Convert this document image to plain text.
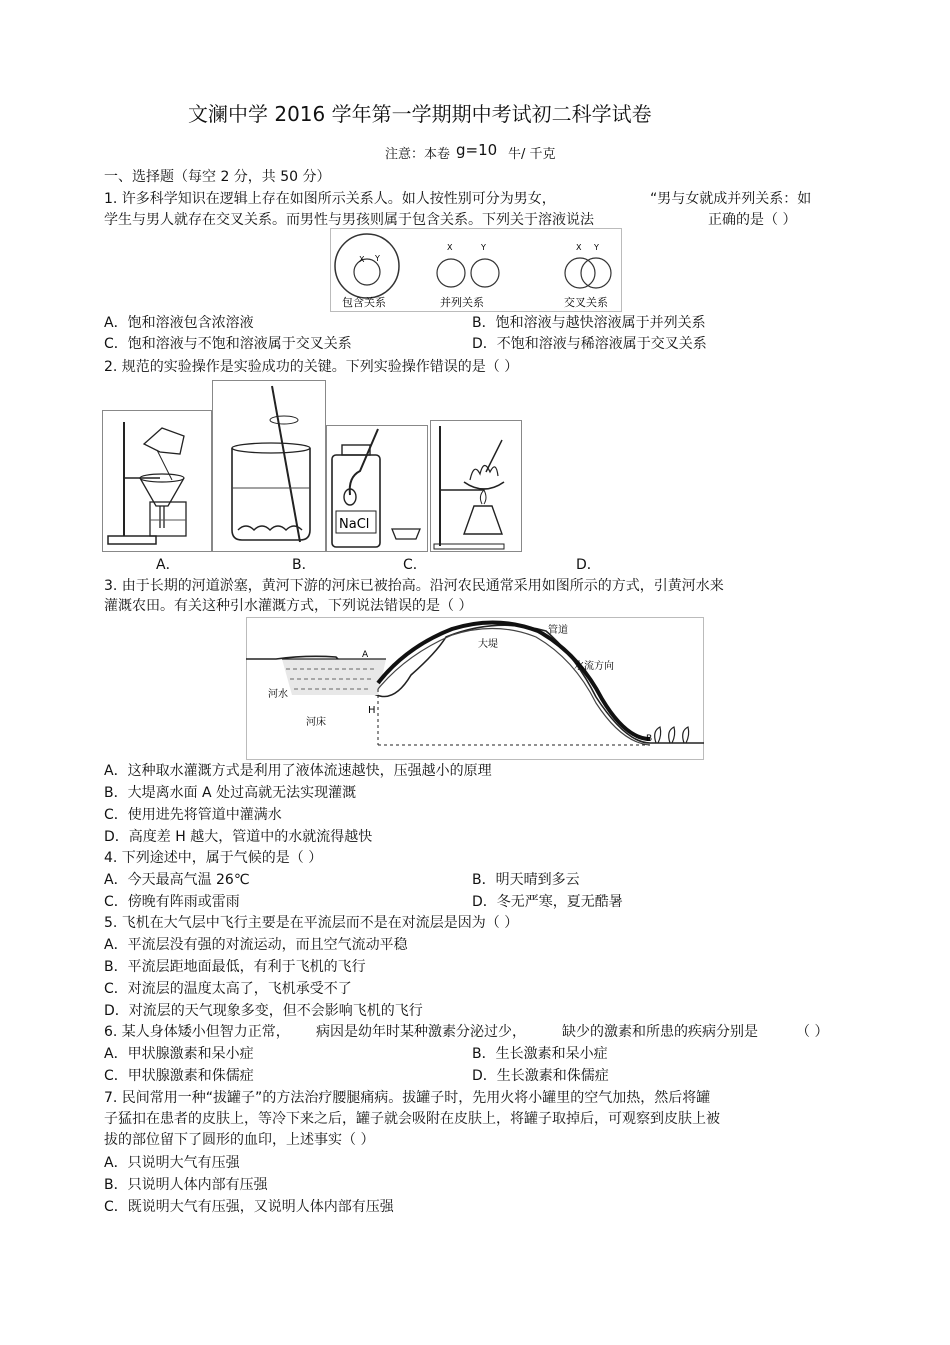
文澜中学 2016 学年第一学期期中考试初二科学试卷
注意：本卷 g=10 牛/ 千克
一、选择题（每空 2 分，共 50 分）
1. 许多科学知识在逻辑上存在如图所示关系人。如人按性别可分为男女，	“男与女就成并列关系：如
学生与男人就存在交叉关系。而男性与男孩则属于包含关系。下列关于溶液说法	正确的是（ ）
X Y
包含关系
X	Y
并列关系
X Y
交叉关系
A．饱和溶液包含浓溶液	B．饱和溶液与越快溶液属于并列关系
C．饱和溶液与不饱和溶液属于交叉关系	D．不饱和溶液与稀溶液属于交叉关系
2. 规范的实验操作是实验成功的关键。下列实验操作错误的是（ ）
NaCl
A．	B．	C．	D．
3. 由于长期的河道淤塞，黄河下游的河床已被抬高。沿河农民通常采用如图所示的方式，引黄河水来
灌溉农田。有关这种引水灌溉方式，下列说法错误的是（ ）
管道
大堤
水流方向
A
B
H
河水
河床
A．这种取水灌溉方式是利用了液体流速越快，压强越小的原理
B．大堤离水面 A 处过高就无法实现灌溉
C．使用进先将管道中灌满水
D．高度差 H 越大，管道中的水就流得越快
4. 下列途述中，属于气候的是（ ）
A．今天最高气温 26℃	B．明天晴到多云
C．傍晚有阵雨或雷雨	D．冬无严寒，夏无酷暑
5. 飞机在大气层中飞行主要是在平流层而不是在对流层是因为（ ）
A．平流层没有强的对流运动，而且空气流动平稳
B．平流层距地面最低，有利于飞机的飞行
C．对流层的温度太高了，飞机承受不了
D．对流层的天气现象多变，但不会影响飞机的飞行
6. 某人身体矮小但智力正常， 病因是幼年时某种激素分泌过少，	缺少的激素和所患的疾病分别是	（ ）
A．甲状腺激素和呆小症	B．生长激素和呆小症
C．甲状腺激素和侏儒症	D．生长激素和侏儒症
7. 民间常用一种“拔罐子”的方法治疗腰腿痛病。拔罐子时，先用火将小罐里的空气加热，然后将罐
子猛扣在患者的皮肤上，等冷下来之后，罐子就会吸附在皮肤上，将罐子取掉后，可观察到皮肤上被
拔的部位留下了圆形的血印，上述事实（ ）
A．只说明大气有压强
B．只说明人体内部有压强
C．既说明大气有压强，又说明人体内部有压强
